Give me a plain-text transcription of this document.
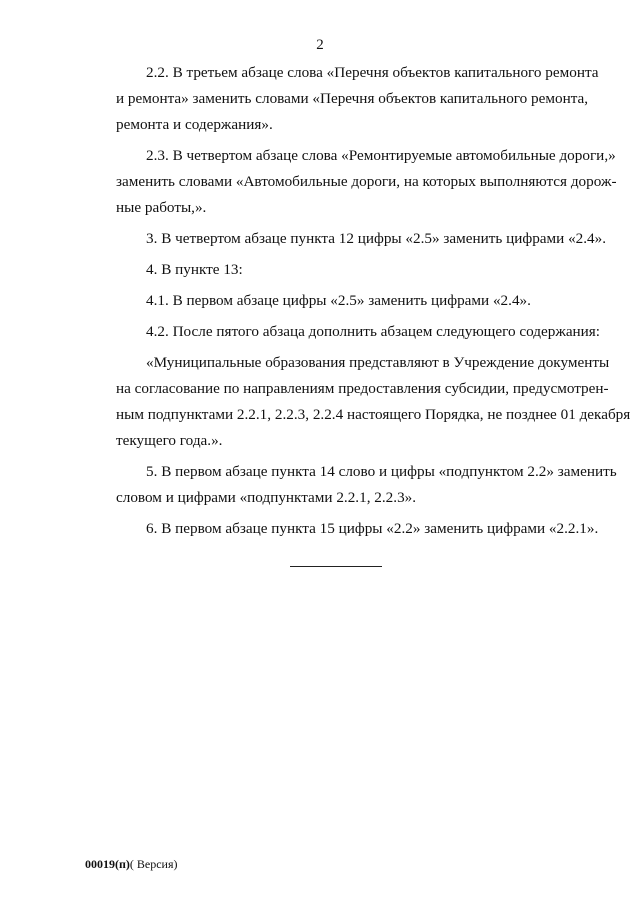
2
2.2. В третьем абзаце слова «Перечня объектов капитального ремонта
и ремонта» заменить словами «Перечня объектов капитального ремонта,
ремонта и содержания».
2.3. В четвертом абзаце слова «Ремонтируемые автомобильные дороги,»
заменить словами «Автомобильные дороги, на которых выполняются дорож-
ные работы,».
3. В четвертом абзаце пункта 12 цифры «2.5» заменить цифрами «2.4».
4. В пункте 13:
4.1. В первом абзаце цифры «2.5» заменить цифрами «2.4».
4.2. После пятого абзаца дополнить абзацем следующего содержания:
«Муниципальные образования представляют в Учреждение документы
на согласование по направлениям предоставления субсидии, предусмотрен-
ным подпунктами 2.2.1, 2.2.3, 2.2.4 настоящего Порядка, не позднее 01 декабря
текущего года.».
5. В первом абзаце пункта 14 слово и цифры «подпунктом 2.2» заменить
словом и цифрами «подпунктами 2.2.1, 2.2.3».
6. В первом абзаце пункта 15 цифры «2.2» заменить цифрами «2.2.1».
00019(п)( Версия)
